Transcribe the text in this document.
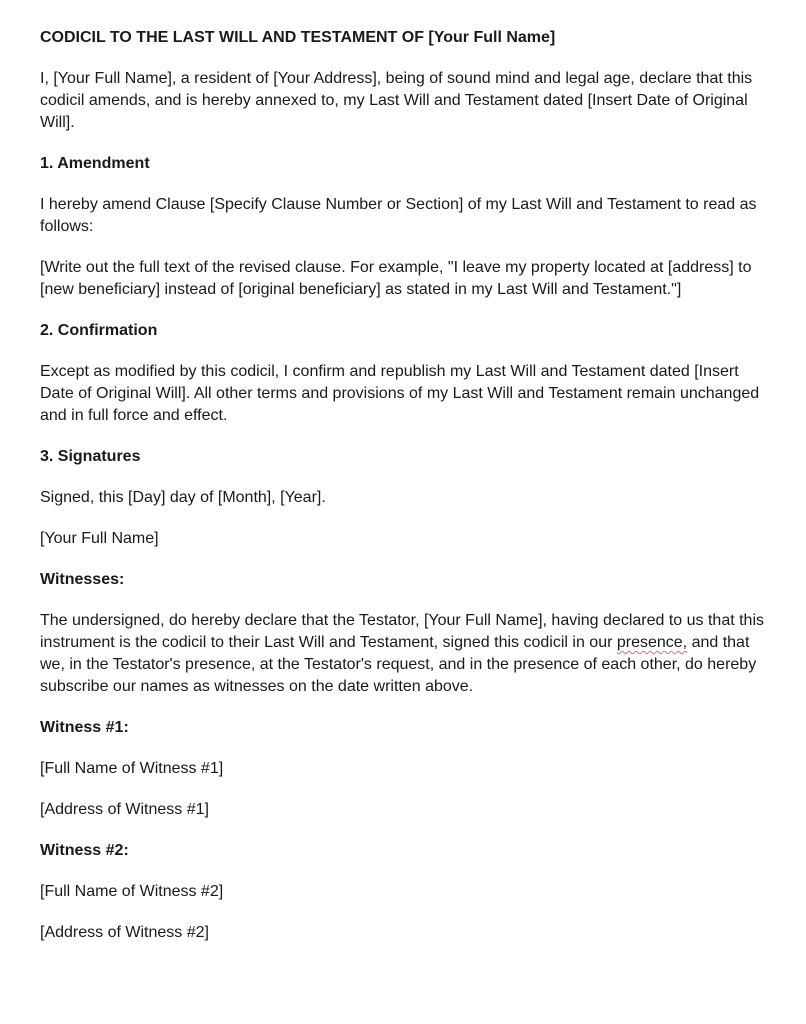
CODICIL TO THE LAST WILL AND TESTAMENT OF [Your Full Name]

I, [Your Full Name], a resident of [Your Address], being of sound mind and legal age, declare that this codicil amends, and is hereby annexed to, my Last Will and Testament dated [Insert Date of Original Will].

1. Amendment

I hereby amend Clause [Specify Clause Number or Section] of my Last Will and Testament to read as follows:

[Write out the full text of the revised clause. For example, "I leave my property located at [address] to [new beneficiary] instead of [original beneficiary] as stated in my Last Will and Testament."]

2. Confirmation

Except as modified by this codicil, I confirm and republish my Last Will and Testament dated [Insert Date of Original Will]. All other terms and provisions of my Last Will and Testament remain unchanged and in full force and effect.

3. Signatures

Signed, this [Day] day of [Month], [Year].

[Your Full Name]

Witnesses:

The undersigned, do hereby declare that the Testator, [Your Full Name], having declared to us that this instrument is the codicil to their Last Will and Testament, signed this codicil in our presence, and that we, in the Testator's presence, at the Testator's request, and in the presence of each other, do hereby subscribe our names as witnesses on the date written above.

Witness #1:

[Full Name of Witness #1]

[Address of Witness #1]

Witness #2:

[Full Name of Witness #2]

[Address of Witness #2]
